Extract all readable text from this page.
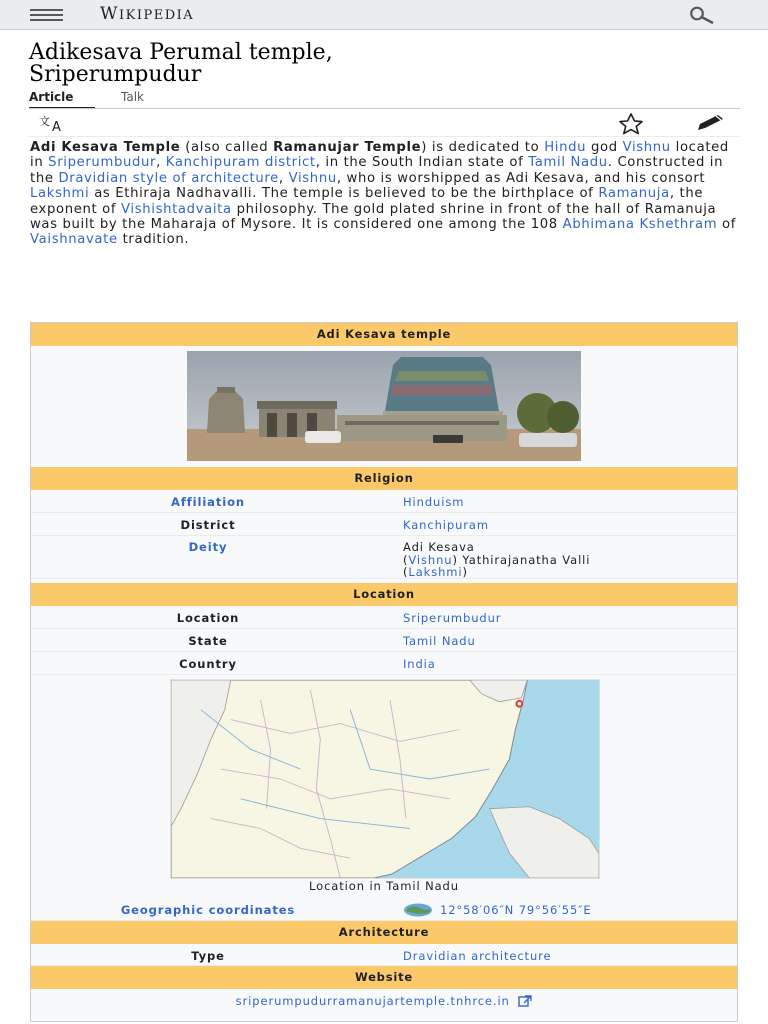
WIKIPEDIA
Adikesava Perumal temple,
Sriperumpudur
Article	Talk
文 A

Adi Kesava Temple (also called Ramanujar Temple) is dedicated to Hindu god Vishnu located in Sriperumbudur, Kanchipuram district, in the South Indian state of Tamil Nadu. Constructed in the Dravidian style of architecture, Vishnu, who is worshipped as Adi Kesava, and his consort Lakshmi as Ethiraja Nadhavalli. The temple is believed to be the birthplace of Ramanuja, the exponent of Vishishtadvaita philosophy. The gold plated shrine in front of the hall of Ramanuja was built by the Maharaja of Mysore. It is considered one among the 108 Abhimana Kshethram of Vaishnavate tradition.

Adi Kesava temple
Religion
Affiliation	Hinduism
District	Kanchipuram
Deity	Adi Kesava
(Vishnu) Yathirajanatha Valli
(Lakshmi)
Location
Location	Sriperumbudur
State	Tamil Nadu
Country	India
Location in Tamil Nadu
Geographic coordinates	12°58′06″N 79°56′55″E
Architecture
Type	Dravidian architecture
Website
sriperumpudurramanujartemple.tnhrce.in
